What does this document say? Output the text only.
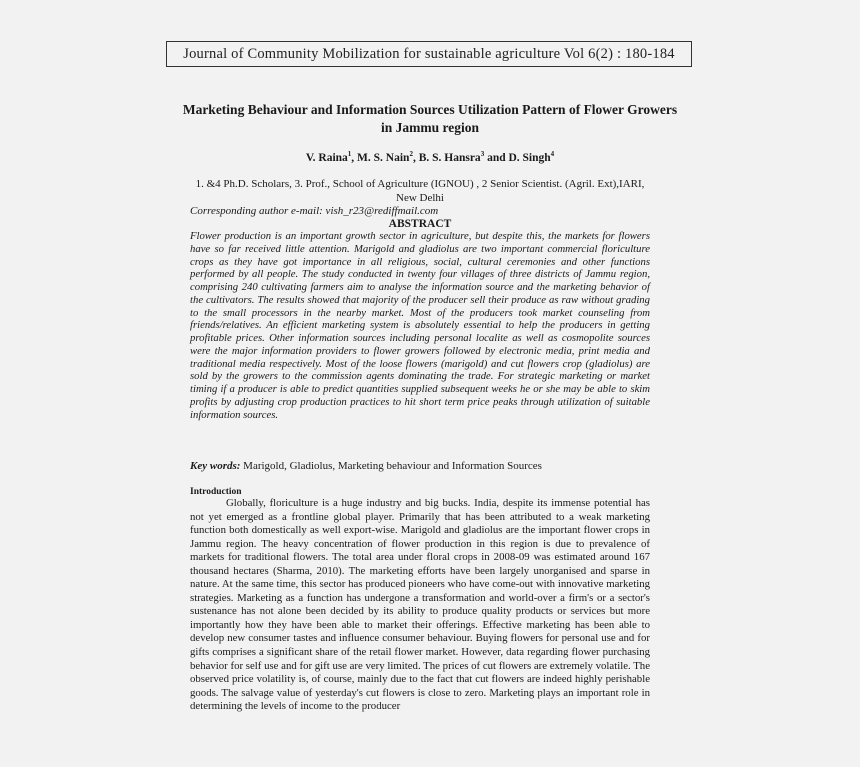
Journal of Community Mobilization for sustainable agriculture Vol 6(2) : 180-184
Marketing Behaviour and Information Sources Utilization Pattern of Flower Growers in Jammu region
V. Raina$^1$, M. S. Nain$^2$, B. S. Hansra$^3$ and D. Singh$^4$
1. &4 Ph.D. Scholars, 3. Prof., School of Agriculture (IGNOU) , 2 Senior Scientist. (Agril. Ext),IARI, New Delhi
Corresponding author e-mail: vish_r23@rediffmail.com
ABSTRACT
Flower production is an important growth sector in agriculture, but despite this, the markets for flowers have so far received little attention. Marigold and gladiolus are two important commercial floriculture crops as they have got importance in all religious, social, cultural ceremonies and other functions performed by all people. The study conducted in twenty four villages of three districts of Jammu region, comprising 240 cultivating farmers aim to analyse the information source and the marketing behavior of the cultivators. The results showed that majority of the producer sell their produce as raw without grading to the small processors in the nearby market. Most of the producers took market counseling from friends/relatives. An efficient marketing system is absolutely essential to help the producers in getting profitable prices. Other information sources including personal localite as well as cosmopolite sources were the major information providers to flower growers followed by electronic media, print media and traditional media respectively. Most of the loose flowers (marigold) and cut flowers crop (gladiolus) are sold by the growers to the commission agents dominating the trade. For strategic marketing or market timing if a producer is able to predict quantities supplied subsequent weeks he or she may be able to skim profits by adjusting crop production practices to hit short term price peaks through utilization of suitable information sources.
Key words: Marigold, Gladiolus, Marketing behaviour and Information Sources
Introduction
Globally, floriculture is a huge industry and big bucks. India, despite its immense potential has not yet emerged as a frontline global player. Primarily that has been attributed to a weak marketing function both domestically as well export-wise. Marigold and gladiolus are the important flower crops in Jammu region. The heavy concentration of flower production in this region is due to prevalence of markets for traditional flowers. The total area under floral crops in 2008-09 was estimated around 167 thousand hectares (Sharma, 2010). The marketing efforts have been largely unorganised and sparse in nature. At the same time, this sector has produced pioneers who have come-out with innovative marketing strategies. Marketing as a function has undergone a transformation and world-over a firm's or a sector's sustenance has not alone been decided by its ability to produce quality products or services but more importantly how they have been able to market their offerings. Effective marketing has been able to develop new consumer tastes and influence consumer behaviour. Buying flowers for personal use and for gifts comprises a significant share of the retail flower market. However, data regarding flower purchasing behavior for self use and for gift use are very limited. The prices of cut flowers are extremely volatile. The observed price volatility is, of course, mainly due to the fact that cut flowers are indeed highly perishable goods. The salvage value of yesterday's cut flowers is close to zero. Marketing plays an important role in determining the levels of income to the producer
